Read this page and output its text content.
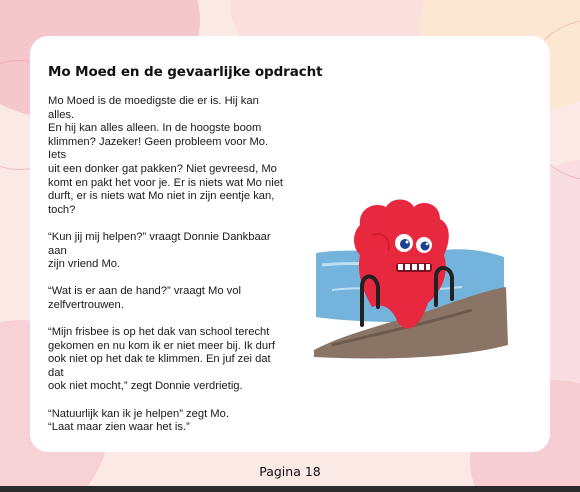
Mo Moed en de gevaarlijke opdracht

Mo Moed is de moedigste die er is. Hij kan alles.
En hij kan alles alleen. In de hoogste boom
klimmen? Jazeker! Geen probleem voor Mo. Iets
uit een donker gat pakken? Niet gevreesd, Mo
komt en pakt het voor je. Er is niets wat Mo niet
durft, er is niets wat Mo niet in zijn eentje kan,
toch?

“Kun jij mij helpen?” vraagt Donnie Dankbaar aan
zijn vriend Mo.

“Wat is er aan de hand?” vraagt Mo vol
zelfvertrouwen.

“Mijn frisbee is op het dak van school terecht
gekomen en nu kom ik er niet meer bij. Ik durf
ook niet op het dak te klimmen. En juf zei dat dat
ook niet mocht,” zegt Donnie verdrietig.

“Natuurlijk kan ik je helpen” zegt Mo.
“Laat maar zien waar het is.”

Pagina 18
